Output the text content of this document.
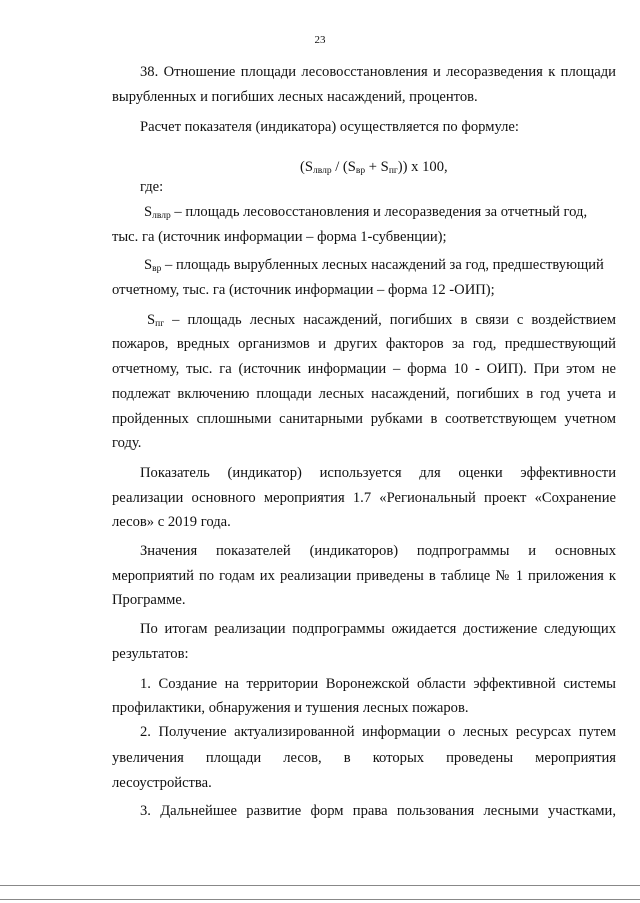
23
38. Отношение площади лесовосстановления и лесоразведения к площади
вырубленных и погибших лесных насаждений, процентов.
Расчет показателя (индикатора) осуществляется по формуле:
$(S_{лвлр} / (S_{вр} + S_{пг}))$ x 100,
где:
$S_{лвлр}$ – площадь лесовосстановления и лесоразведения за отчетный год,
тыс. га (источник информации – форма 1-субвенции);
$S_{вр}$ – площадь вырубленных лесных насаждений за год, предшествующий
отчетному, тыс. га (источник информации – форма 12 -ОИП);
$S_{пг}$ – площадь лесных насаждений, погибших в связи с воздействием
пожаров, вредных организмов и других факторов за год, предшествующий
отчетному, тыс. га (источник информации – форма 10 - ОИП). При этом не
подлежат включению площади лесных насаждений, погибших в год учета и
пройденных сплошными санитарными рубками в соответствующем учетном
году.
Показатель (индикатор) используется для оценки эффективности
реализации основного мероприятия 1.7 «Региональный проект «Сохранение
лесов» с 2019 года.
Значения показателей (индикаторов) подпрограммы и основных
мероприятий по годам их реализации приведены в таблице № 1 приложения к
Программе.
По итогам реализации подпрограммы ожидается достижение следующих
результатов:
1. Создание на территории Воронежской области эффективной системы
профилактики, обнаружения и тушения лесных пожаров.
2. Получение актуализированной информации о лесных ресурсах путем
увеличения площади лесов, в которых проведены мероприятия
лесоустройства.
3. Дальнейшее развитие форм права пользования лесными участками,
